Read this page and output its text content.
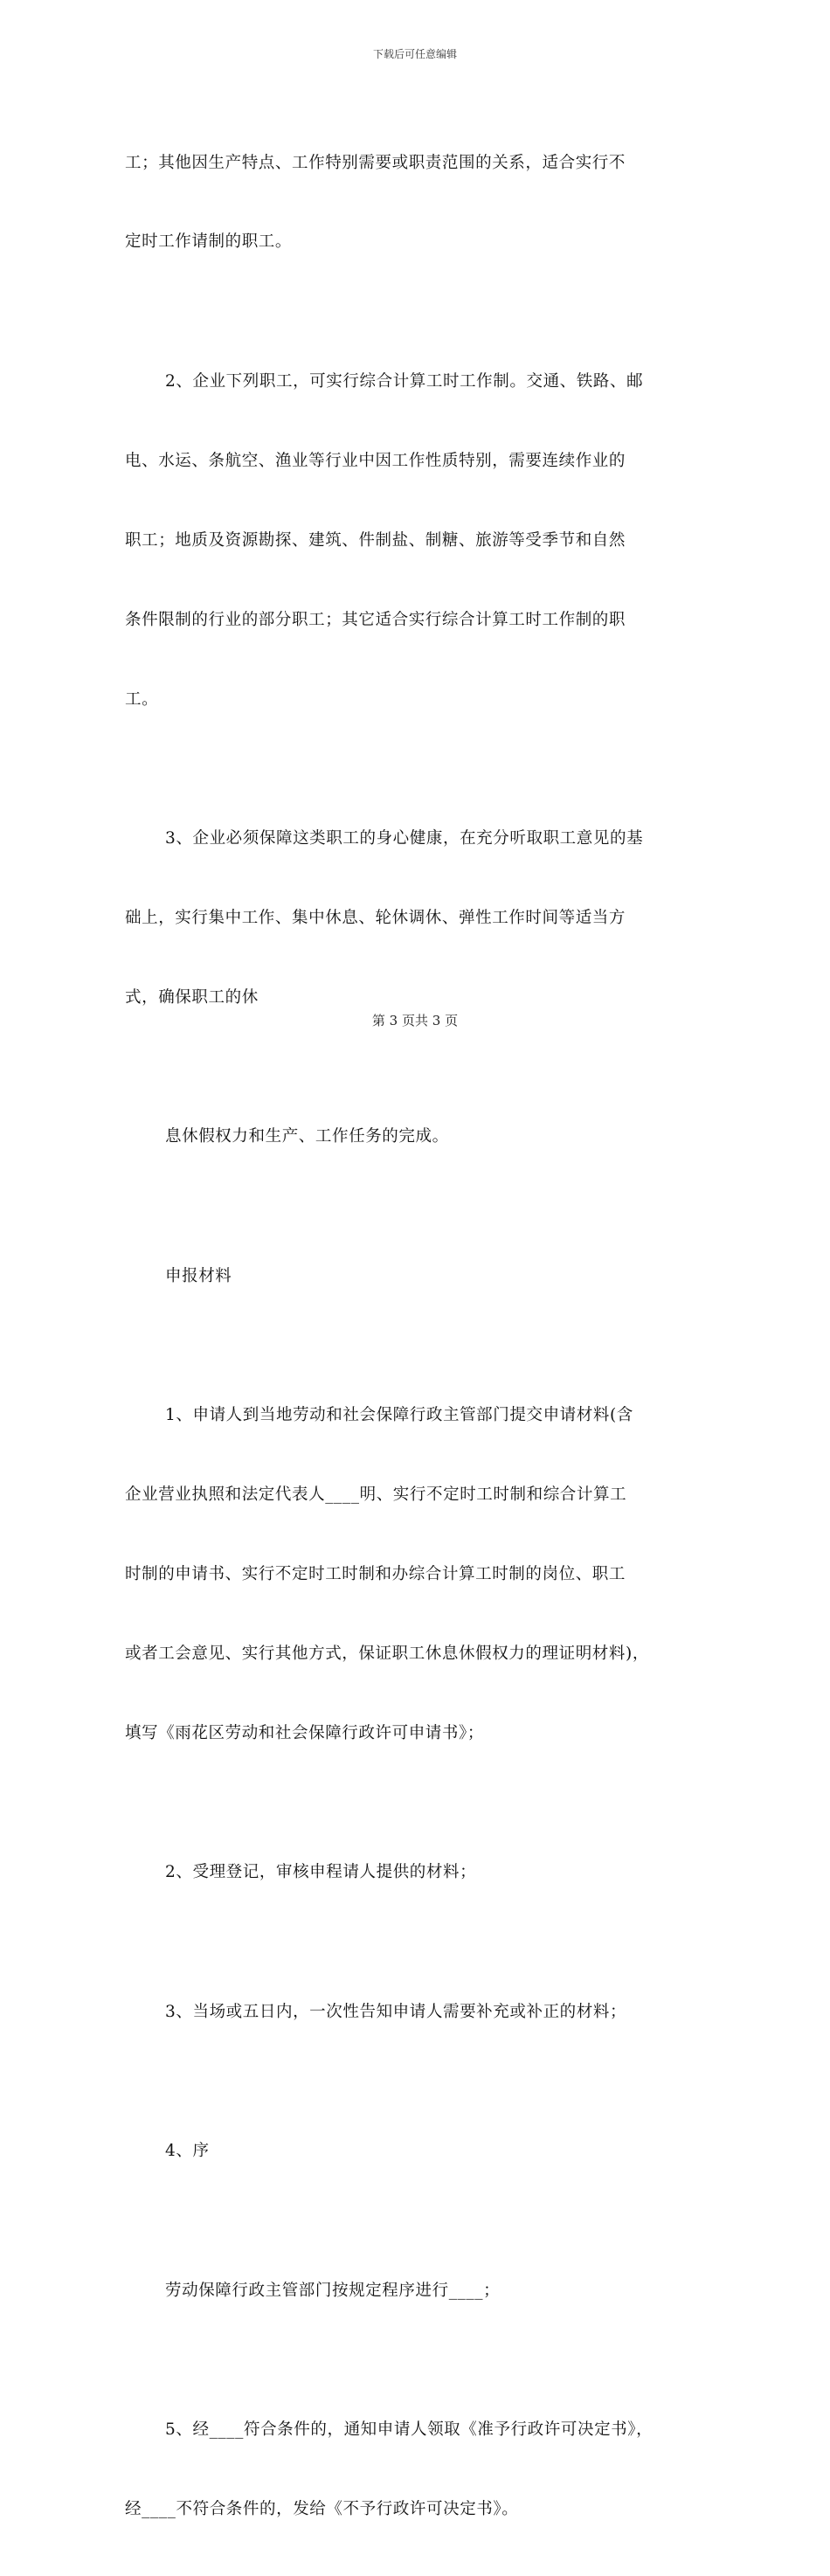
下载后可任意编辑

工；其他因生产特点、工作特别需要或职责范围的关系，适合实行不

定时工作请制的职工。

2、企业下列职工，可实行综合计算工时工作制。交通、铁路、邮

电、水运、条航空、渔业等行业中因工作性质特别，需要连续作业的

职工；地质及资源勘探、建筑、件制盐、制糖、旅游等受季节和自然

条件限制的行业的部分职工；其它适合实行综合计算工时工作制的职

工。

3、企业必须保障这类职工的身心健康，在充分听取职工意见的基

础上，实行集中工作、集中休息、轮休调休、弹性工作时间等适当方

式，确保职工的休

息休假权力和生产、工作任务的完成。

申报材料

1、申请人到当地劳动和社会保障行政主管部门提交申请材料(含

企业营业执照和法定代表人____明、实行不定时工时制和综合计算工

时制的申请书、实行不定时工时制和办综合计算工时制的岗位、职工

或者工会意见、实行其他方式，保证职工休息休假权力的理证明材料)，

填写《雨花区劳动和社会保障行政许可申请书》；

2、受理登记，审核申程请人提供的材料；

3、当场或五日内，一次性告知申请人需要补充或补正的材料；

4、序

劳动保障行政主管部门按规定程序进行____；

5、经____符合条件的，通知申请人领取《准予行政许可决定书》，

经____不符合条件的，发给《不予行政许可决定书》。

第 3 页共 3 页
